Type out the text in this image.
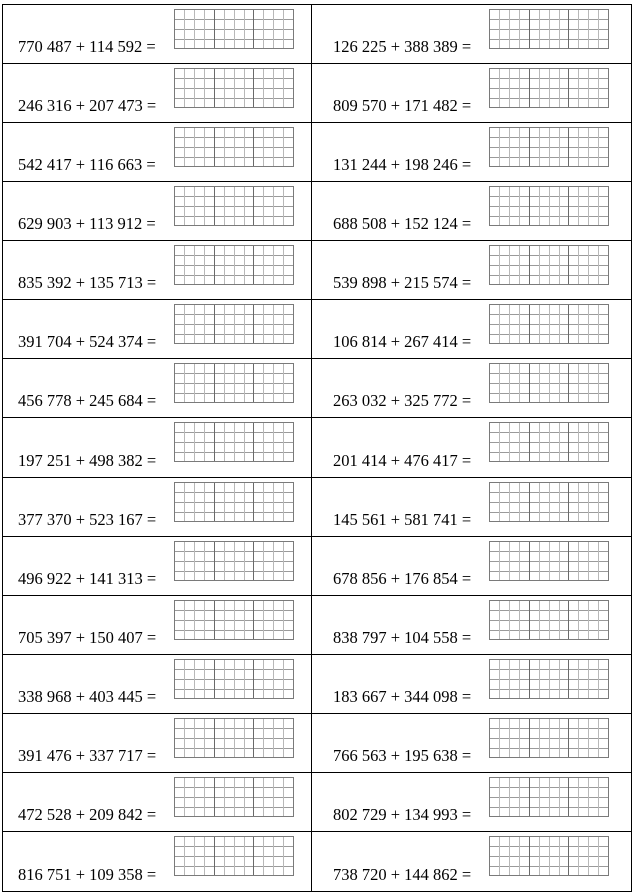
770 487 + 114 592 =	126 225 + 388 389 =
246 316 + 207 473 =	809 570 + 171 482 =
542 417 + 116 663 =	131 244 + 198 246 =
629 903 + 113 912 =	688 508 + 152 124 =
835 392 + 135 713 =	539 898 + 215 574 =
391 704 + 524 374 =	106 814 + 267 414 =
456 778 + 245 684 =	263 032 + 325 772 =
197 251 + 498 382 =	201 414 + 476 417 =
377 370 + 523 167 =	145 561 + 581 741 =
496 922 + 141 313 =	678 856 + 176 854 =
705 397 + 150 407 =	838 797 + 104 558 =
338 968 + 403 445 =	183 667 + 344 098 =
391 476 + 337 717 =	766 563 + 195 638 =
472 528 + 209 842 =	802 729 + 134 993 =
816 751 + 109 358 =	738 720 + 144 862 =
